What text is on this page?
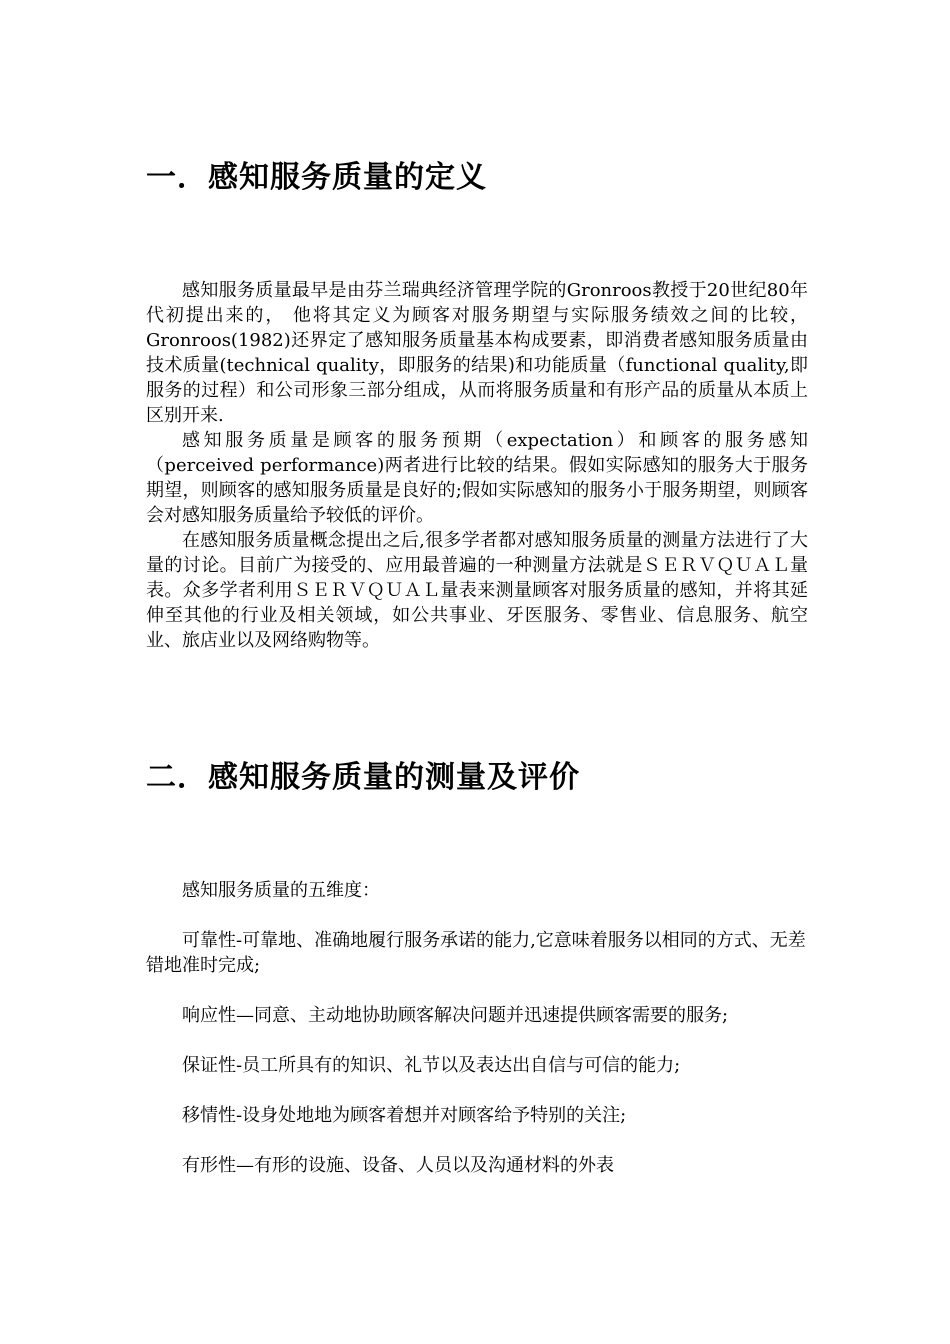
一．感知服务质量的定义

感知服务质量最早是由芬兰瑞典经济管理学院的Gronroos教授于20世纪80年代初提出来的， 他将其定义为顾客对服务期望与实际服务绩效之间的比较，Gronroos(1982)还界定了感知服务质量基本构成要素，即消费者感知服务质量由技术质量(technical quality，即服务的结果)和功能质量（functional quality,即服务的过程）和公司形象三部分组成，从而将服务质量和有形产品的质量从本质上区别开来.

感知服务质量是顾客的服务预期（expectation）和顾客的服务感知（perceived performance)两者进行比较的结果。假如实际感知的服务大于服务期望，则顾客的感知服务质量是良好的;假如实际感知的服务小于服务期望，则顾客会对感知服务质量给予较低的评价。

在感知服务质量概念提出之后,很多学者都对感知服务质量的测量方法进行了大量的讨论。目前广为接受的、应用最普遍的一种测量方法就是ＳＥＲＶＱＵＡＬ量表。众多学者利用ＳＥＲＶＱＵＡＬ量表来测量顾客对服务质量的感知，并将其延伸至其他的行业及相关领域，如公共事业、牙医服务、零售业、信息服务、航空业、旅店业以及网络购物等。

二．感知服务质量的测量及评价

感知服务质量的五维度：

可靠性-可靠地、准确地履行服务承诺的能力,它意味着服务以相同的方式、无差错地准时完成;

响应性—同意、主动地协助顾客解决问题并迅速提供顾客需要的服务;

保证性-员工所具有的知识、礼节以及表达出自信与可信的能力;

移情性-设身处地地为顾客着想并对顾客给予特别的关注;

有形性—有形的设施、设备、人员以及沟通材料的外表
